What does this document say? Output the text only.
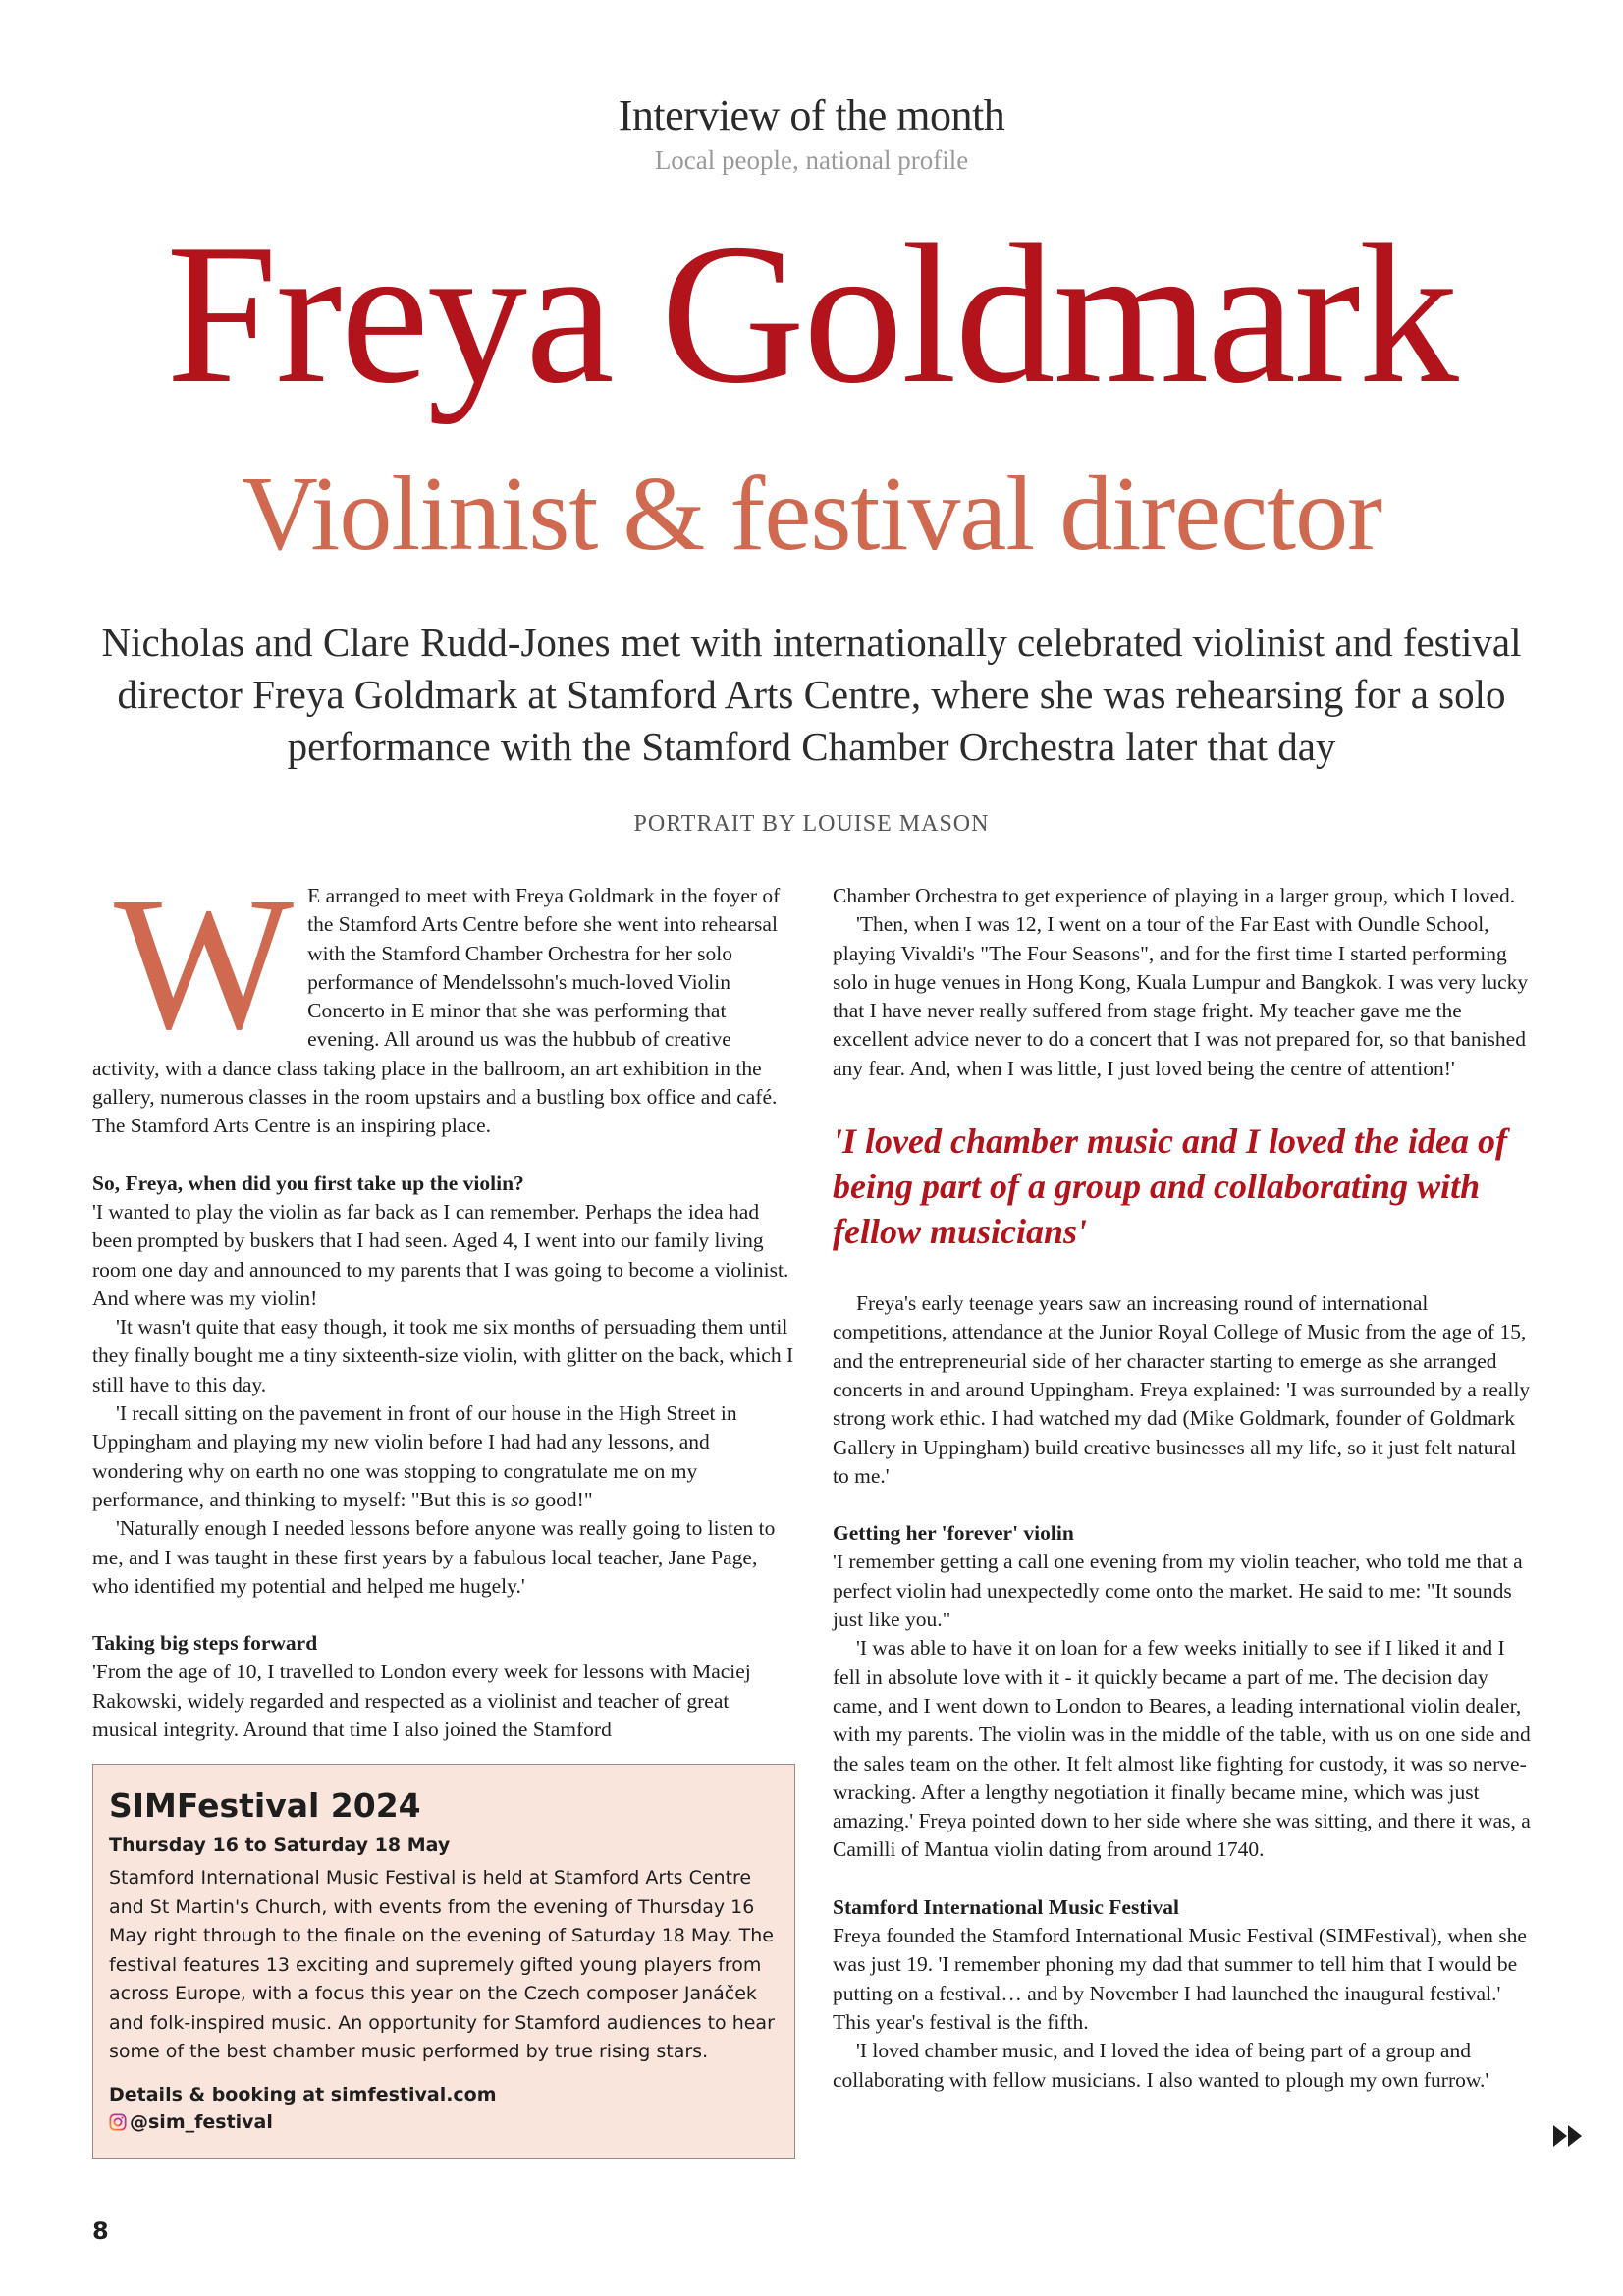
Interview of the month
Local people, national profile
Freya Goldmark
Violinist & festival director
Nicholas and Clare Rudd-Jones met with internationally celebrated violinist and festival director Freya Goldmark at Stamford Arts Centre, where she was rehearsing for a solo performance with the Stamford Chamber Orchestra later that day
PORTRAIT BY LOUISE MASON

W E arranged to meet with Freya Goldmark in the foyer of the Stamford Arts Centre before she went into rehearsal with the Stamford Chamber Orchestra for her solo performance of Mendelssohn's much-loved Violin Concerto in E minor that she was performing that evening. All around us was the hubbub of creative activity, with a dance class taking place in the ballroom, an art exhibition in the gallery, numerous classes in the room upstairs and a bustling box office and café. The Stamford Arts Centre is an inspiring place.

So, Freya, when did you first take up the violin?

'I wanted to play the violin as far back as I can remember. Perhaps the idea had been prompted by buskers that I had seen. Aged 4, I went into our family living room one day and announced to my parents that I was going to become a violinist. And where was my violin!

'It wasn't quite that easy though, it took me six months of persuading them until they finally bought me a tiny sixteenth-size violin, with glitter on the back, which I still have to this day.

'I recall sitting on the pavement in front of our house in the High Street in Uppingham and playing my new violin before I had had any lessons, and wondering why on earth no one was stopping to congratulate me on my performance, and thinking to myself: "But this is so good!"

'Naturally enough I needed lessons before anyone was really going to listen to me, and I was taught in these first years by a fabulous local teacher, Jane Page, who identified my potential and helped me hugely.'

Taking big steps forward

'From the age of 10, I travelled to London every week for lessons with Maciej Rakowski, widely regarded and respected as a violinist and teacher of great musical integrity. Around that time I also joined the Stamford

Chamber Orchestra to get experience of playing in a larger group, which I loved.

'Then, when I was 12, I went on a tour of the Far East with Oundle School, playing Vivaldi's "The Four Seasons", and for the first time I started performing solo in huge venues in Hong Kong, Kuala Lumpur and Bangkok. I was very lucky that I have never really suffered from stage fright. My teacher gave me the excellent advice never to do a concert that I was not prepared for, so that banished any fear. And, when I was little, I just loved being the centre of attention!'

'I loved chamber music and I loved the idea of being part of a group and collaborating with fellow musicians'

Freya's early teenage years saw an increasing round of international competitions, attendance at the Junior Royal College of Music from the age of 15, and the entrepreneurial side of her character starting to emerge as she arranged concerts in and around Uppingham. Freya explained: 'I was surrounded by a really strong work ethic. I had watched my dad (Mike Goldmark, founder of Goldmark Gallery in Uppingham) build creative businesses all my life, so it just felt natural to me.'

Getting her 'forever' violin

'I remember getting a call one evening from my violin teacher, who told me that a perfect violin had unexpectedly come onto the market. He said to me: "It sounds just like you."

'I was able to have it on loan for a few weeks initially to see if I liked it and I fell in absolute love with it - it quickly became a part of me. The decision day came, and I went down to London to Beares, a leading international violin dealer, with my parents. The violin was in the middle of the table, with us on one side and the sales team on the other. It felt almost like fighting for custody, it was so nerve-wracking. After a lengthy negotiation it finally became mine, which was just amazing.' Freya pointed down to her side where she was sitting, and there it was, a Camilli of Mantua violin dating from around 1740.

Stamford International Music Festival

Freya founded the Stamford International Music Festival (SIMFestival), when she was just 19. 'I remember phoning my dad that summer to tell him that I would be putting on a festival… and by November I had launched the inaugural festival.' This year's festival is the fifth.

'I loved chamber music, and I loved the idea of being part of a group and collaborating with fellow musicians. I also wanted to plough my own furrow.'

SIMFestival 2024
Thursday 16 to Saturday 18 May
Stamford International Music Festival is held at Stamford Arts Centre and St Martin's Church, with events from the evening of Thursday 16 May right through to the finale on the evening of Saturday 18 May. The festival features 13 exciting and supremely gifted young players from across Europe, with a focus this year on the Czech composer Janáček and folk-inspired music. An opportunity for Stamford audiences to hear some of the best chamber music performed by true rising stars.
Details & booking at simfestival.com
@sim_festival
8
